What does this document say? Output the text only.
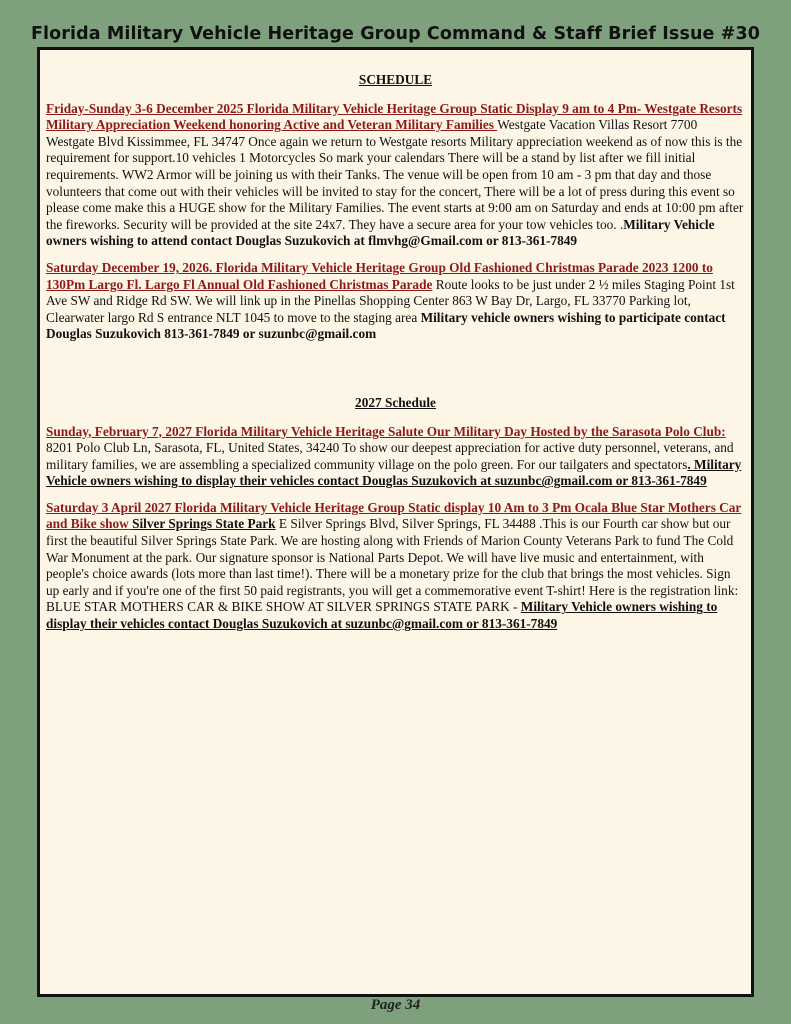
Florida Military Vehicle Heritage Group Command & Staff Brief Issue #30
SCHEDULE

Friday-Sunday 3-6 December 2025 Florida Military Vehicle Heritage Group Static Display 9 am to 4 Pm- Westgate Resorts Military Appreciation Weekend honoring Active and Veteran Military Families Westgate Vacation Villas Resort 7700 Westgate Blvd Kissimmee, FL 34747 Once again we return to Westgate resorts Military appreciation weekend as of now this is the requirement for support.10 vehicles 1 Motorcycles So mark your calendars There will be a stand by list after we fill initial requirements. WW2 Armor will be joining us with their Tanks. The venue will be open from 10 am - 3 pm that day and those volunteers that come out with their vehicles will be invited to stay for the concert, There will be a lot of press during this event so please come make this a HUGE show for the Military Families. The event starts at 9:00 am on Saturday and ends at 10:00 pm after the fireworks. Security will be provided at the site 24x7. They have a secure area for your tow vehicles too. .Military Vehicle owners wishing to attend contact Douglas Suzukovich at flmvhg@Gmail.com or 813-361-7849

Saturday December 19, 2026. Florida Military Vehicle Heritage Group Old Fashioned Christmas Parade 2023 1200 to 130Pm Largo Fl. Largo Fl Annual Old Fashioned Christmas Parade Route looks to be just under 2 ½ miles Staging Point 1st Ave SW and Ridge Rd SW. We will link up in the Pinellas Shopping Center 863 W Bay Dr, Largo, FL 33770 Parking lot, Clearwater largo Rd S entrance NLT 1045 to move to the staging area Military vehicle owners wishing to participate contact Douglas Suzukovich 813-361-7849 or suzunbc@gmail.com

2027 Schedule

Sunday, February 7, 2027 Florida Military Vehicle Heritage Salute Our Military Day Hosted by the Sarasota Polo Club: 8201 Polo Club Ln, Sarasota, FL, United States, 34240 To show our deepest appreciation for active duty personnel, veterans, and military families, we are assembling a specialized community village on the polo green. For our tailgaters and spectators. Military Vehicle owners wishing to display their vehicles contact Douglas Suzukovich at suzunbc@gmail.com or 813-361-7849

Saturday 3 April 2027 Florida Military Vehicle Heritage Group Static display 10 Am to 3 Pm Ocala Blue Star Mothers Car and Bike show Silver Springs State Park E Silver Springs Blvd, Silver Springs, FL 34488 .This is our Fourth car show but our first the beautiful Silver Springs State Park. We are hosting along with Friends of Marion County Veterans Park to fund The Cold War Monument at the park. Our signature sponsor is National Parts Depot. We will have live music and entertainment, with people's choice awards (lots more than last time!). There will be a monetary prize for the club that brings the most vehicles. Sign up early and if you're one of the first 50 paid registrants, you will get a commemorative event T-shirt! Here is the registration link: BLUE STAR MOTHERS CAR & BIKE SHOW AT SILVER SPRINGS STATE PARK - Military Vehicle owners wishing to display their vehicles contact Douglas Suzukovich at suzunbc@gmail.com or 813-361-7849

Page 34
